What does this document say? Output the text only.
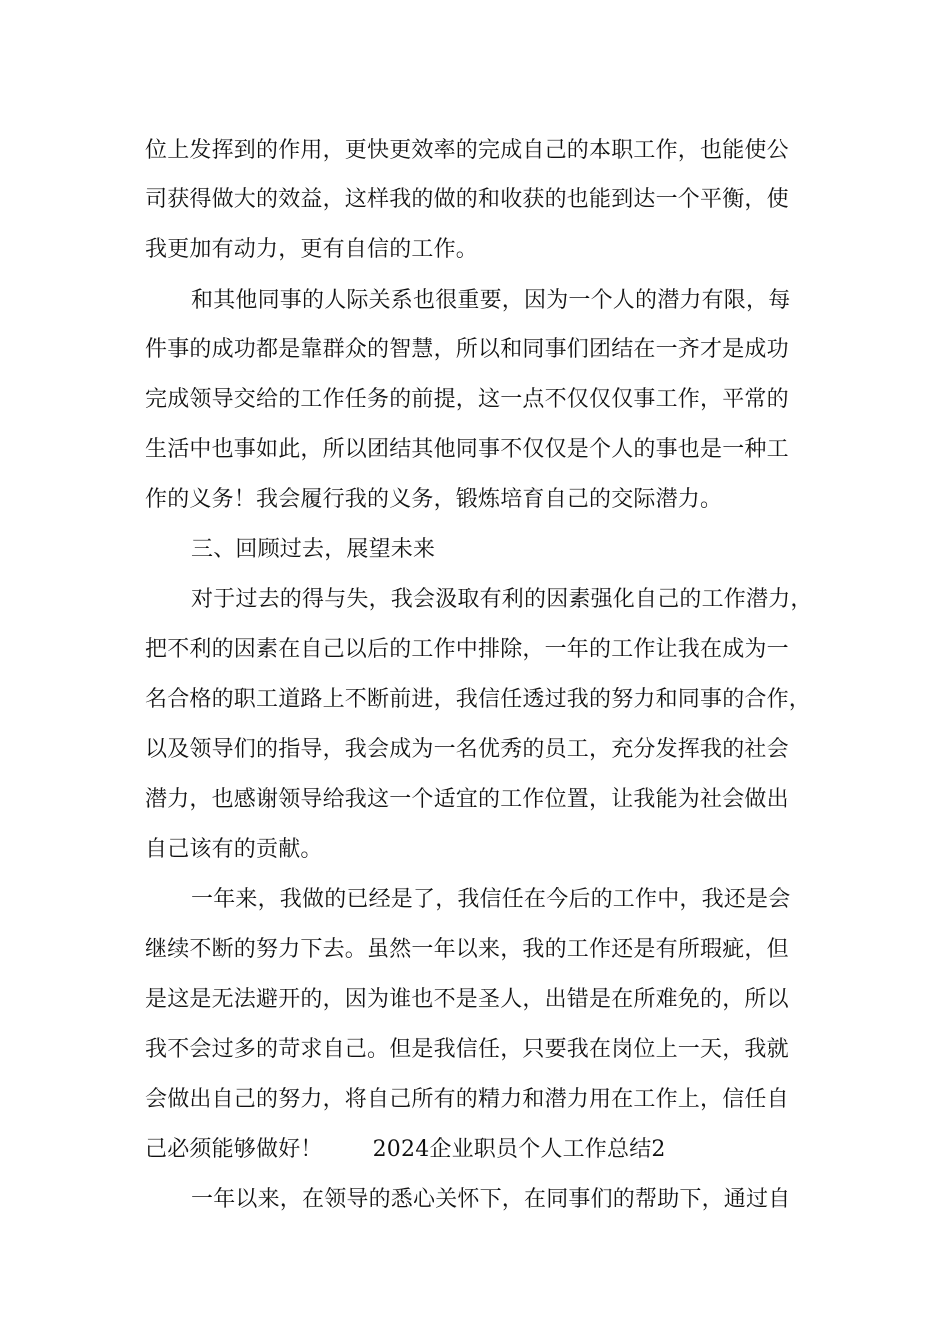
位上发挥到的作用，更快更效率的完成自己的本职工作，也能使公
司获得做大的效益，这样我的做的和收获的也能到达一个平衡，使
我更加有动力，更有自信的工作。
和其他同事的人际关系也很重要，因为一个人的潜力有限，每
件事的成功都是靠群众的智慧，所以和同事们团结在一齐才是成功
完成领导交给的工作任务的前提，这一点不仅仅仅事工作，平常的
生活中也事如此，所以团结其他同事不仅仅是个人的事也是一种工
作的义务！我会履行我的义务，锻炼培育自己的交际潜力。
三、回顾过去，展望未来
对于过去的得与失，我会汲取有利的因素强化自己的工作潜力，
把不利的因素在自己以后的工作中排除，一年的工作让我在成为一
名合格的职工道路上不断前进，我信任透过我的努力和同事的合作，
以及领导们的指导，我会成为一名优秀的员工，充分发挥我的社会
潜力，也感谢领导给我这一个适宜的工作位置，让我能为社会做出
自己该有的贡献。
一年来，我做的已经是了，我信任在今后的工作中，我还是会
继续不断的努力下去。虽然一年以来，我的工作还是有所瑕疵，但
是这是无法避开的，因为谁也不是圣人，出错是在所难免的，所以
我不会过多的苛求自己。但是我信任，只要我在岗位上一天，我就
会做出自己的努力，将自己所有的精力和潜力用在工作上，信任自
己必须能够做好！ 2024企业职员个人工作总结2
一年以来，在领导的悉心关怀下，在同事们的帮助下，通过自
